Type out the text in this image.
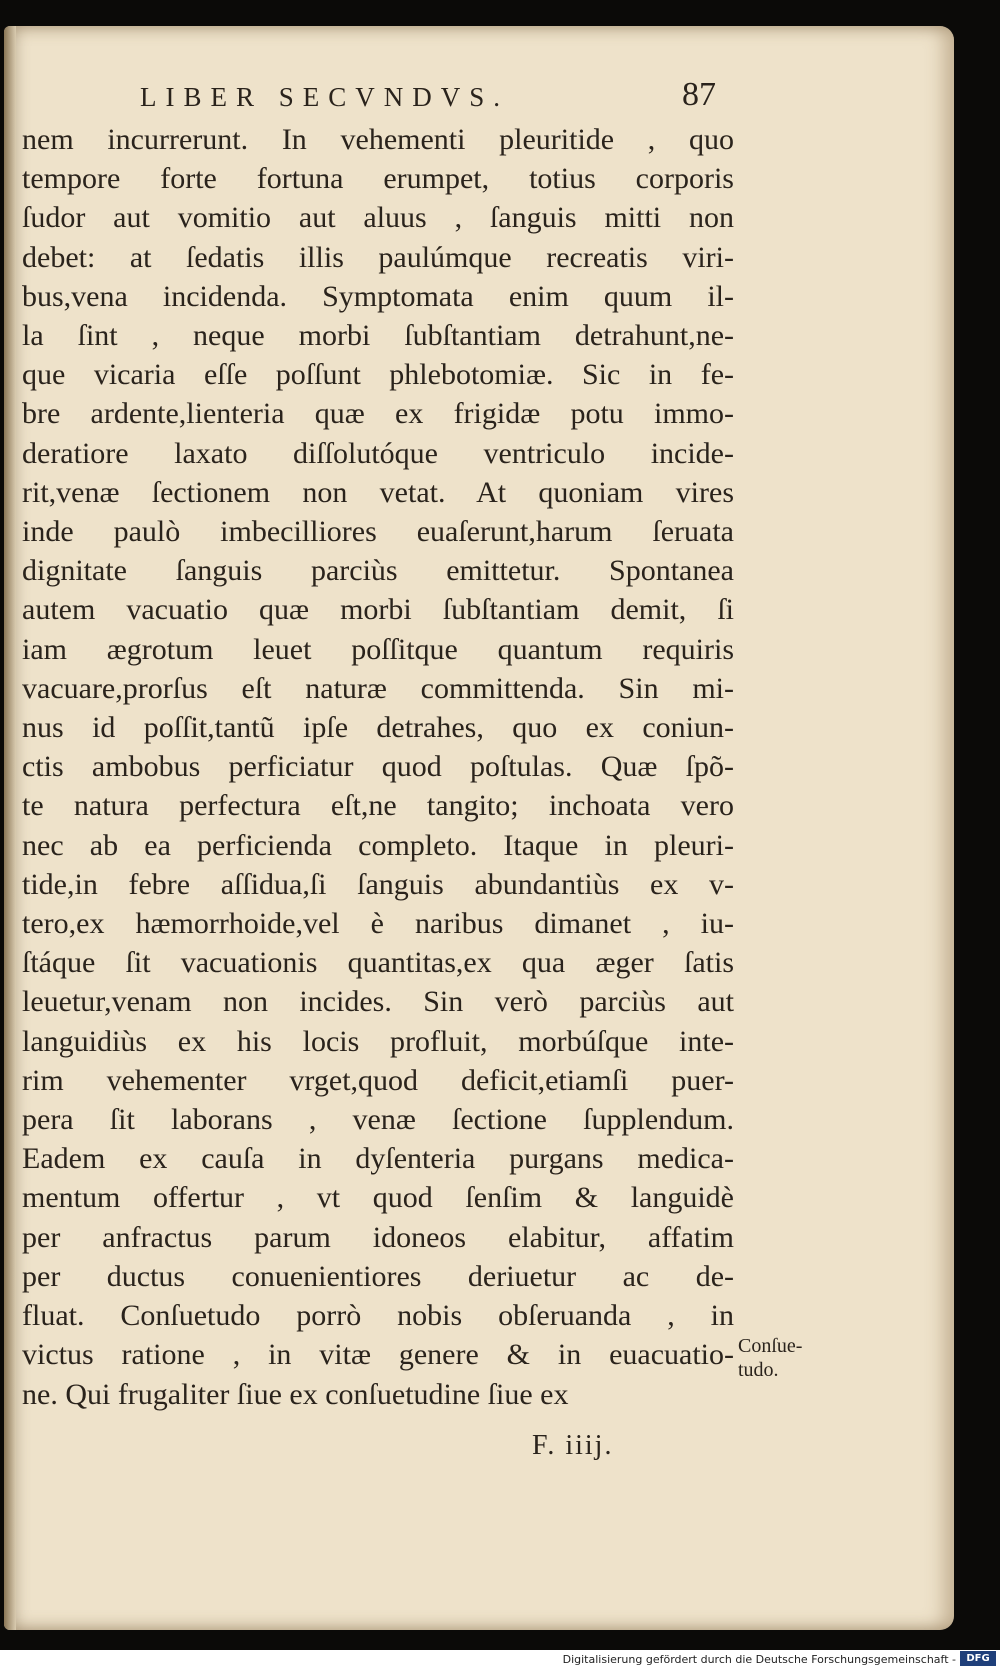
LIBER SECVNDVS.	87
nem incurrerunt. In vehementi pleuritide , quo
tempore forte fortuna erumpet, totius corporis
ſudor aut vomitio aut aluus , ſanguis mitti non
debet: at ſedatis illis paulúmque recreatis viri-
bus,vena incidenda. Symptomata enim quum il-
la ſint , neque morbi ſubſtantiam detrahunt,ne-
que vicaria eſſe poſſunt phlebotomiæ. Sic in fe-
bre ardente,lienteria quæ ex frigidæ potu immo-
deratiore laxato diſſolutóque ventriculo incide-
rit,venæ ſectionem non vetat. At quoniam vires
inde paulò imbecilliores euaſerunt,harum ſeruata
dignitate ſanguis parciùs emittetur. Spontanea
autem vacuatio quæ morbi ſubſtantiam demit, ſi
iam ægrotum leuet poſſitque quantum requiris
vacuare,prorſus eſt naturæ committenda. Sin mi-
nus id poſſit,tantũ ipſe detrahes, quo ex coniun-
ctis ambobus perficiatur quod poſtulas. Quæ ſpõ-
te natura perfectura eſt,ne tangito; inchoata vero
nec ab ea perficienda completo. Itaque in pleuri-
tide,in febre aſſidua,ſi ſanguis abundantiùs ex v-
tero,ex hæmorrhoide,vel è naribus dimanet , iu-
ſtáque ſit vacuationis quantitas,ex qua æger ſatis
leuetur,venam non incides. Sin verò parciùs aut
languidiùs ex his locis profluit, morbúſque inte-
rim vehementer vrget,quod deficit,etiamſi puer-
pera ſit laborans , venæ ſectione ſupplendum.
Eadem ex cauſa in dyſenteria purgans medica-
mentum offertur , vt quod ſenſim & languidè
per anfractus parum idoneos elabitur, affatim
per ductus conuenientiores deriuetur ac de-
fluat. Conſuetudo porrò nobis obſeruanda , in
victus ratione , in vitæ genere & in euacuatio-
ne. Qui frugaliter ſiue ex conſuetudine ſiue ex
Conſue-
tudo.
F. iiij.
Digitalisierung gefördert durch die Deutsche Forschungsgemeinschaft -	DFG
